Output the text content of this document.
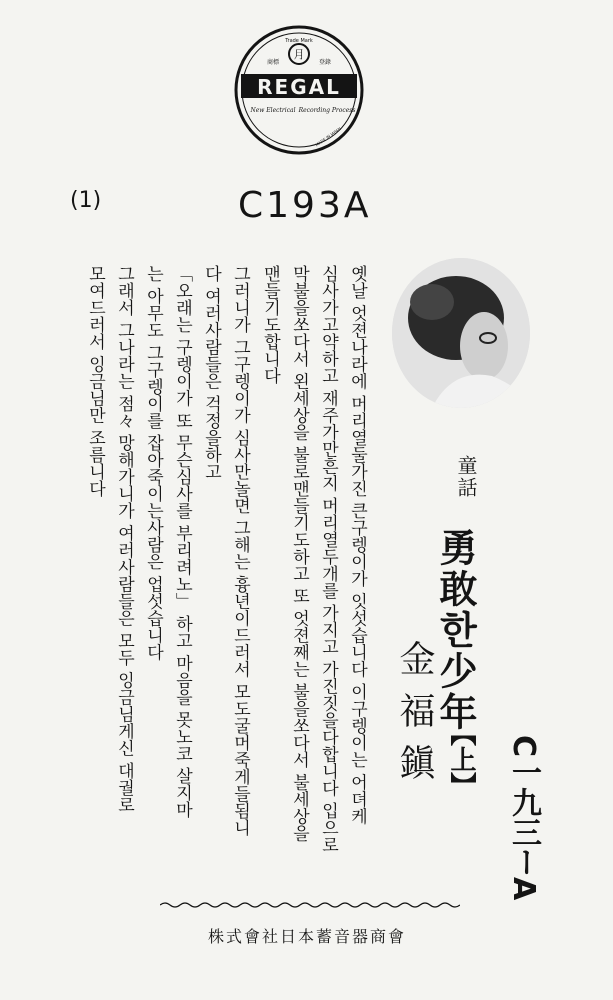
月
Trade Mark
商標	登錄
REGAL
New Electrical Recording Process
MADE IN JAPAN
(1)	C193A
옛날 엇젼나라에 머리열둘가진 큰구렝이가 잇섯습니다 이구렝이는 어뎌케
심사가고약하고 재주가만흔지 머리열두개를 가지고 가진짓을다합니다 입으로
막불을쏘다서 왼세상을 불로맨들기도하고 또 엇젼째는 불을쏘다서 불세상을
맨들기도합니다
그러니가 그구렝이가 심사만놀면 그해는 흉년이드러서 모도굴머죽게들됨니
다 여러사람들은 걱정을하고
「오래는 구렝이가 또 무슨심사를 부리려노」 하고 마음을 못노코 살지마
는 아무도 그구렝이를 잡아죽이는사람은 업섯습니다
그래서 그나라는 점々 망해가니가 여러사람들은 모두 잉금님게신 대궐로
모여드러서 잉금님만 조름니다	童話
勇敢한少年
【上】
金福鎭
C一九三ーA
株式會社日本蓄音器商會
